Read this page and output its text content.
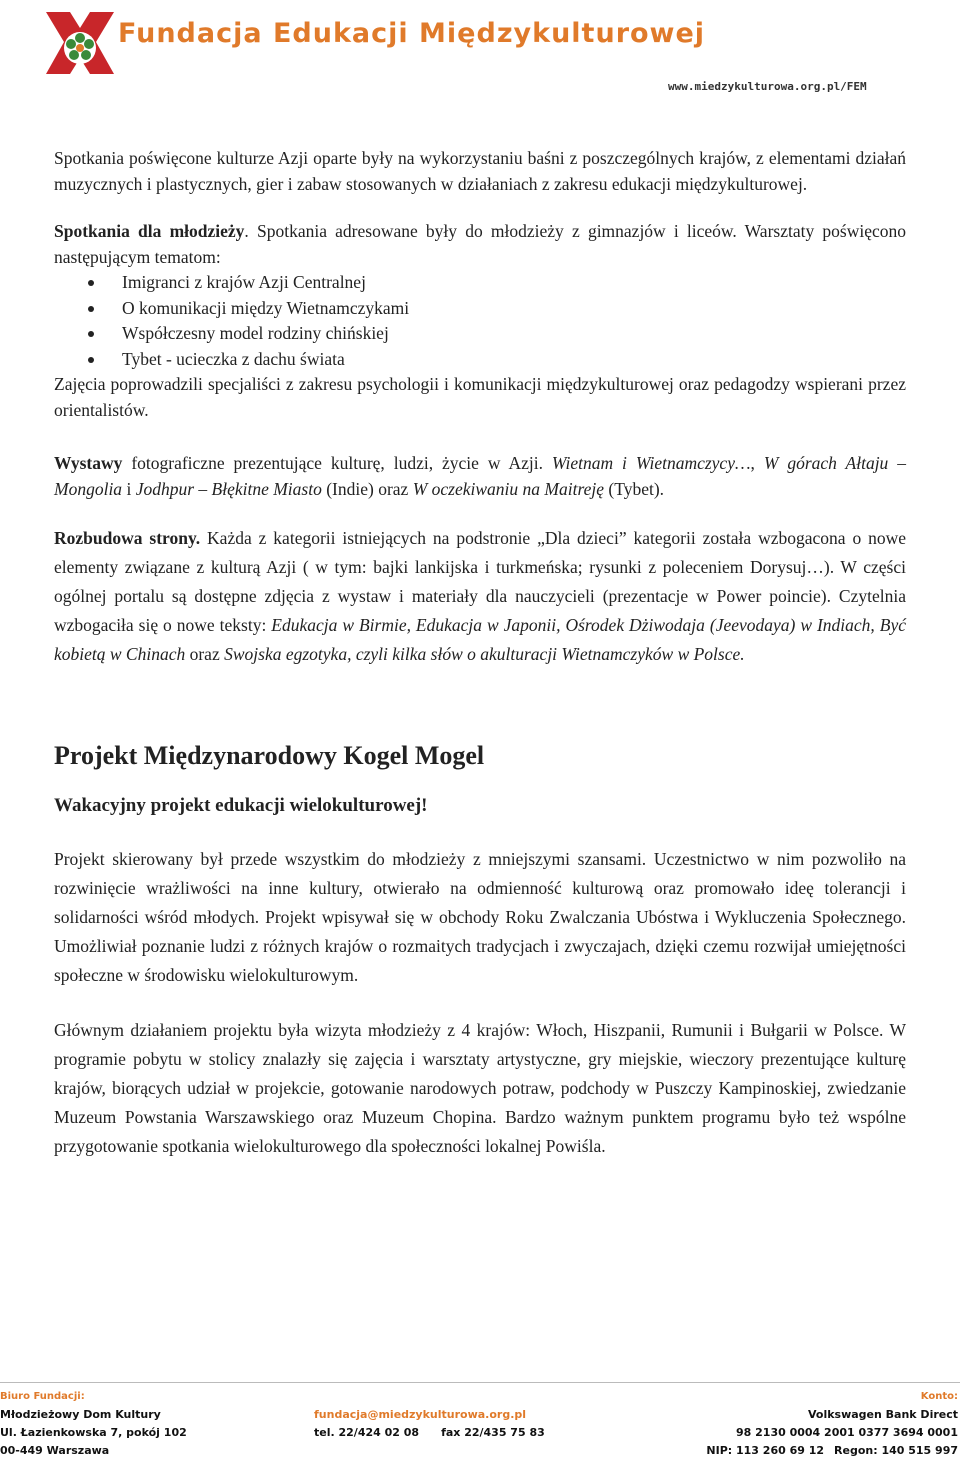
Fundacja Edukacji Międzykulturowej
www.miedzykulturowa.org.pl/FEM

Spotkania poświęcone kulturze Azji oparte były na wykorzystaniu baśni z poszczególnych krajów, z elementami działań muzycznych i plastycznych, gier i zabaw stosowanych w działaniach z zakresu edukacji międzykulturowej.

Spotkania dla młodzieży. Spotkania adresowane były do młodzieży z gimnazjów i liceów. Warsztaty poświęcono następującym tematom:

Imigranci z krajów Azji Centralnej
O komunikacji między Wietnamczykami
Współczesny model rodziny chińskiej
Tybet - ucieczka z dachu świata

Zajęcia poprowadzili specjaliści z zakresu psychologii i komunikacji międzykulturowej oraz pedagodzy wspierani przez orientalistów.

Wystawy fotograficzne prezentujące kulturę, ludzi, życie w Azji. Wietnam i Wietnamczycy…, W górach Ałtaju –Mongolia i Jodhpur – Błękitne Miasto (Indie) oraz W oczekiwaniu na Maitreję (Tybet).

Rozbudowa strony. Każda z kategorii istniejących na podstronie „Dla dzieci” kategorii została wzbogacona o nowe elementy związane z kulturą Azji ( w tym: bajki lankijska i turkmeńska; rysunki z poleceniem Dorysuj…). W części ogólnej portalu są dostępne zdjęcia z wystaw i materiały dla nauczycieli (prezentacje w Power poincie). Czytelnia wzbogaciła się o nowe teksty: Edukacja w Birmie, Edukacja w Japonii, Ośrodek Dżiwodaja (Jeevodaya) w Indiach, Być kobietą w Chinach oraz Swojska egzotyka, czyli kilka słów o akulturacji Wietnamczyków w Polsce.

Projekt Międzynarodowy Kogel Mogel
Wakacyjny projekt edukacji wielokulturowej!

Projekt skierowany był przede wszystkim do młodzieży z mniejszymi szansami. Uczestnictwo w nim pozwoliło na rozwinięcie wrażliwości na inne kultury, otwierało na odmienność kulturową oraz promowało ideę tolerancji i solidarności wśród młodych. Projekt wpisywał się w obchody Roku Zwalczania Ubóstwa i Wykluczenia Społecznego. Umożliwiał poznanie ludzi z różnych krajów o rozmaitych tradycjach i zwyczajach, dzięki czemu rozwijał umiejętności społeczne w środowisku wielokulturowym.

Głównym działaniem projektu była wizyta młodzieży z 4 krajów: Włoch, Hiszpanii, Rumunii i Bułgarii w Polsce. W programie pobytu w stolicy znalazły się zajęcia i warsztaty artystyczne, gry miejskie, wieczory prezentujące kulturę krajów, biorących udział w projekcie, gotowanie narodowych potraw, podchody w Puszczy Kampinoskiej, zwiedzanie Muzeum Powstania Warszawskiego oraz Muzeum Chopina. Bardzo ważnym punktem programu było też wspólne przygotowanie spotkania wielokulturowego dla społeczności lokalnej Powiśla.

Biuro Fundacji:
Młodzieżowy Dom Kultury
Ul. Łazienkowska 7, pokój 102
00-449 Warszawa
fundacja@miedzykulturowa.org.pl
tel. 22/424 02 08 fax 22/435 75 83
Konto:
Volkswagen Bank Direct
98 2130 0004 2001 0377 3694 0001
NIP: 113 260 69 12 Regon: 140 515 997
